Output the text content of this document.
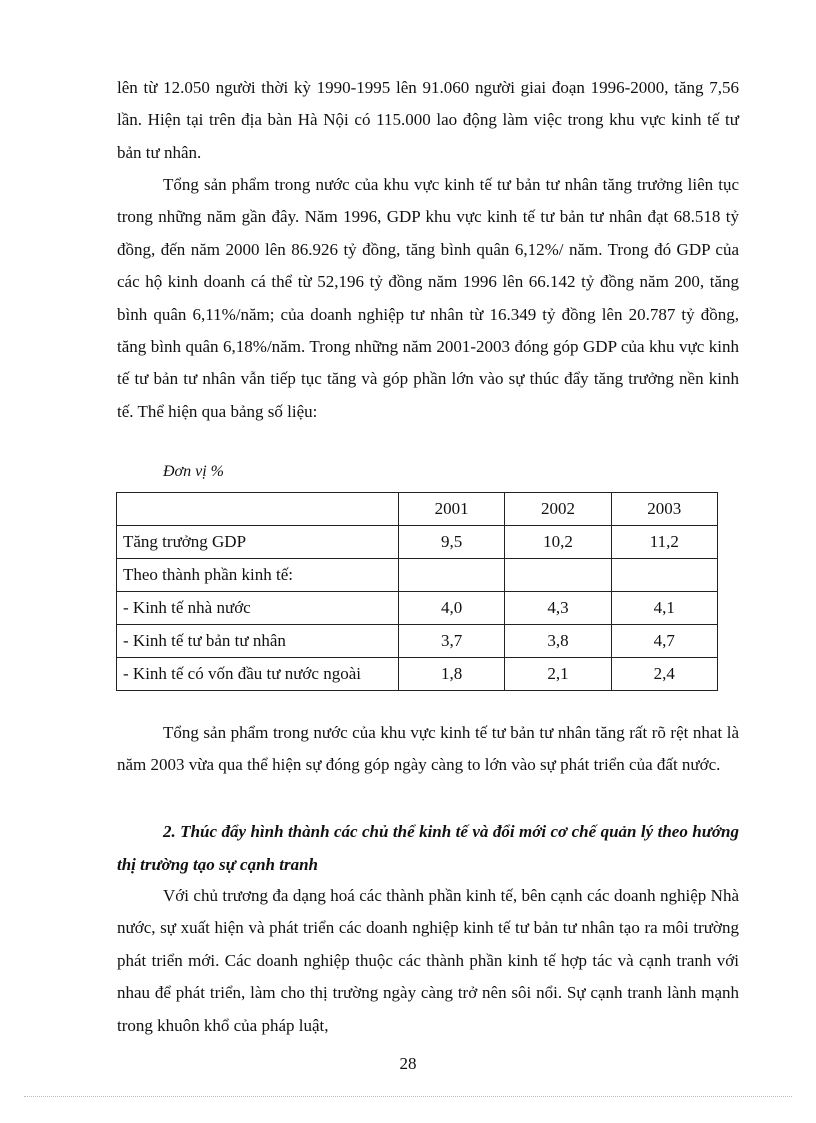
lên từ 12.050 người thời kỳ 1990-1995 lên 91.060 người giai đoạn 1996-2000, tăng 7,56 lần. Hiện tại trên địa bàn Hà Nội có 115.000 lao động làm việc trong khu vực kinh tế tư bản tư nhân.

Tổng sản phẩm trong nước của khu vực kinh tế tư bản tư nhân tăng trưởng liên tục trong những năm gần đây. Năm 1996, GDP khu vực kinh tế tư bản tư nhân đạt 68.518 tỷ đồng, đến năm 2000 lên 86.926 tỷ đồng, tăng bình quân 6,12%/ năm. Trong đó GDP của các hộ kinh doanh cá thể từ 52,196 tỷ đồng năm 1996 lên 66.142 tỷ đồng năm 200, tăng bình quân 6,11%/năm; của doanh nghiệp tư nhân từ 16.349 tỷ đồng lên 20.787 tỷ đồng, tăng bình quân 6,18%/năm. Trong những năm 2001-2003 đóng góp GDP của khu vực kinh tế tư bản tư nhân vẫn tiếp tục tăng và góp phần lớn vào sự thúc đẩy tăng trưởng nền kinh tế. Thể hiện qua bảng số liệu:

Đơn vị %
	2001	2002	2003
Tăng trưởng GDP	9,5	10,2	11,2
Theo thành phần kinh tế:			
- Kinh tế nhà nước	4,0	4,3	4,1
- Kinh tế tư bản tư nhân	3,7	3,8	4,7
- Kinh tế có vốn đầu tư nước ngoài	1,8	2,1	2,4

Tổng sản phẩm trong nước của khu vực kinh tế tư bản tư nhân tăng rất rõ rệt nhat là năm 2003 vừa qua thể hiện sự đóng góp ngày càng to lớn vào sự phát triển của đất nước.

2. Thúc đẩy hình thành các chủ thể kinh tế và đổi mới cơ chế quản lý theo hướng thị trường tạo sự cạnh tranh

Với chủ trương đa dạng hoá các thành phần kinh tế, bên cạnh các doanh nghiệp Nhà nước, sự xuất hiện và phát triển các doanh nghiệp kinh tế tư bản tư nhân tạo ra môi trường phát triển mới. Các doanh nghiệp thuộc các thành phần kinh tế hợp tác và cạnh tranh với nhau để phát triển, làm cho thị trường ngày càng trở nên sôi nổi. Sự cạnh tranh lành mạnh trong khuôn khổ của pháp luật,

28
